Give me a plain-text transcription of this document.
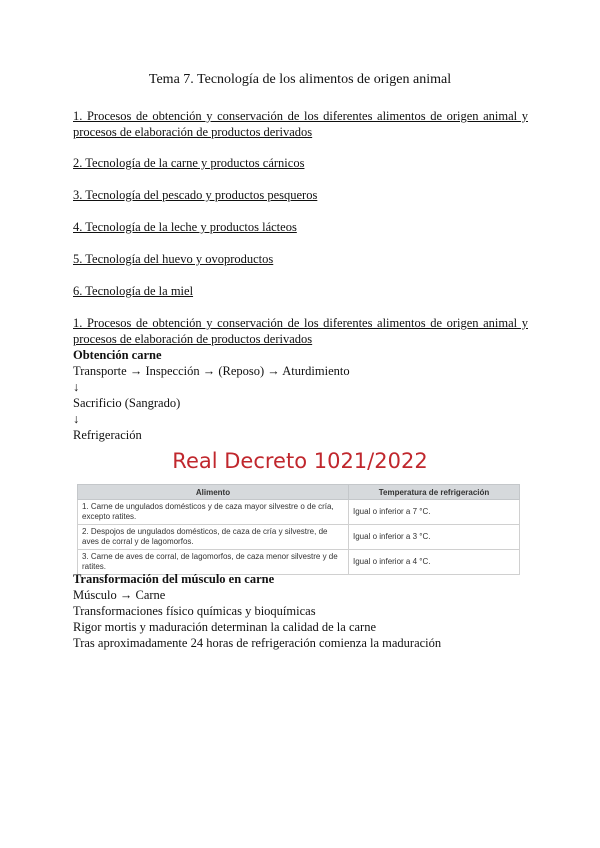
Tema 7. Tecnología de los alimentos de origen animal
1. Procesos de obtención y conservación de los diferentes alimentos de origen animal y procesos de elaboración de productos derivados
2. Tecnología de la carne y productos cárnicos
3. Tecnología del pescado y productos pesqueros
4. Tecnología de la leche y productos lácteos
5. Tecnología del huevo y ovoproductos
6. Tecnología de la miel
1. Procesos de obtención y conservación de los diferentes alimentos de origen animal y procesos de elaboración de productos derivados
Obtención carne
Transporte → Inspección → (Reposo) → Aturdimiento
↓
Sacrificio (Sangrado)
↓
Refrigeración
Real Decreto 1021/2022
Alimento	Temperatura de refrigeración
1. Carne de ungulados domésticos y de caza mayor silvestre o de cría, excepto ratites.	Igual o inferior a 7 °C.
2. Despojos de ungulados domésticos, de caza de cría y silvestre, de aves de corral y de lagomorfos.	Igual o inferior a 3 °C.
3. Carne de aves de corral, de lagomorfos, de caza menor silvestre y de ratites.	Igual o inferior a 4 °C.
Transformación del músculo en carne
Músculo → Carne
Transformaciones físico químicas y bioquímicas
Rigor mortis y maduración determinan la calidad de la carne
Tras aproximadamente 24 horas de refrigeración comienza la maduración
